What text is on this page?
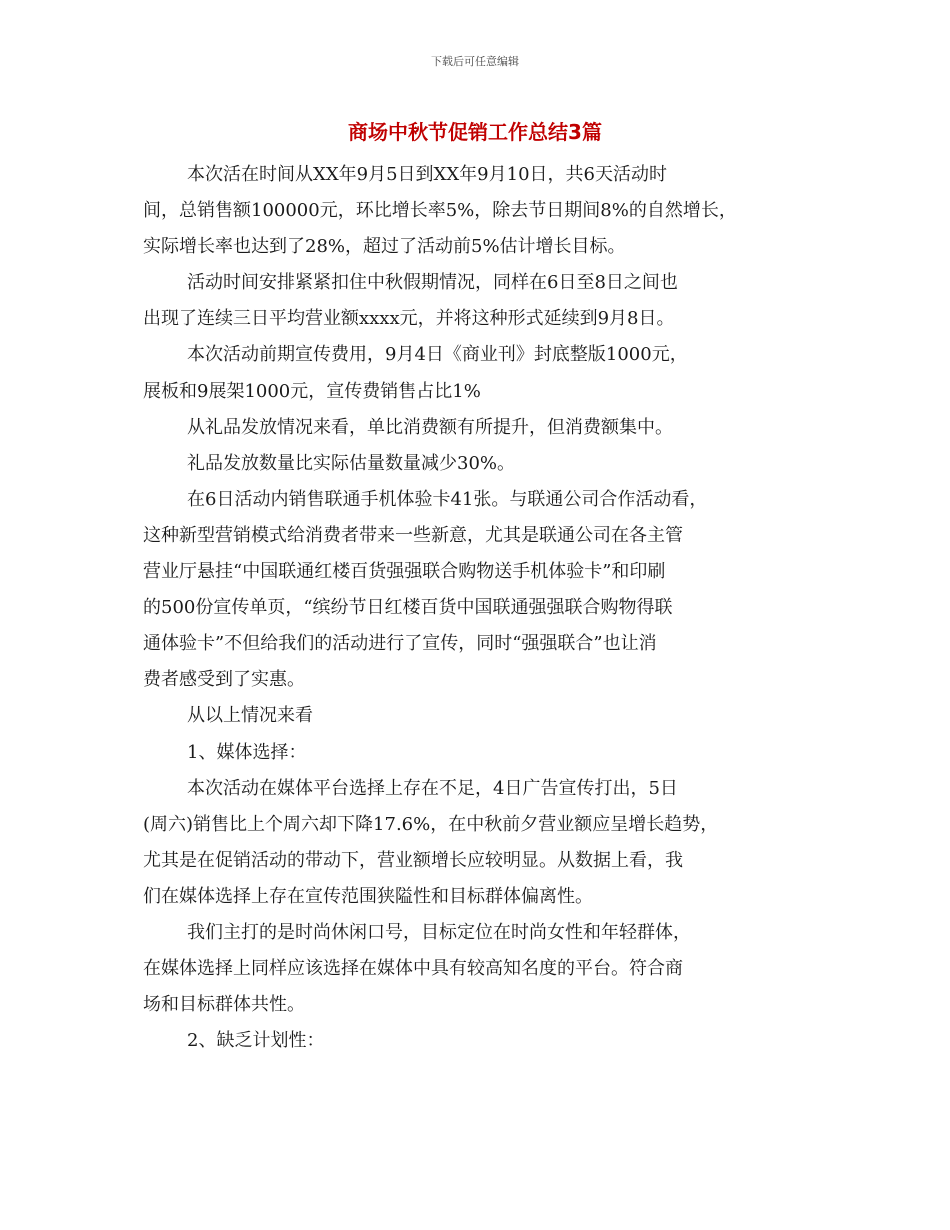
下载后可任意编辑
商场中秋节促销工作总结3篇
本次活在时间从XX年9月5日到XX年9月10日，共6天活动时
间，总销售额100000元，环比增长率5%，除去节日期间8%的自然增长，
实际增长率也达到了28%，超过了活动前5%估计增长目标。
活动时间安排紧紧扣住中秋假期情况，同样在6日至8日之间也
出现了连续三日平均营业额xxxx元，并将这种形式延续到9月8日。
本次活动前期宣传费用，9月4日《商业刊》封底整版1000元，
展板和9展架1000元，宣传费销售占比1%
从礼品发放情况来看，单比消费额有所提升，但消费额集中。
礼品发放数量比实际估量数量减少30%。
在6日活动内销售联通手机体验卡41张。与联通公司合作活动看，
这种新型营销模式给消费者带来一些新意，尤其是联通公司在各主管
营业厅悬挂“中国联通红楼百货强强联合购物送手机体验卡”和印刷
的500份宣传单页，“缤纷节日红楼百货中国联通强强联合购物得联
通体验卡”不但给我们的活动进行了宣传，同时“强强联合”也让消
费者感受到了实惠。
从以上情况来看
1、媒体选择：
本次活动在媒体平台选择上存在不足，4日广告宣传打出，5日
(周六)销售比上个周六却下降17.6%，在中秋前夕营业额应呈增长趋势，
尤其是在促销活动的带动下，营业额增长应较明显。从数据上看，我
们在媒体选择上存在宣传范围狭隘性和目标群体偏离性。
我们主打的是时尚休闲口号，目标定位在时尚女性和年轻群体，
在媒体选择上同样应该选择在媒体中具有较高知名度的平台。符合商
场和目标群体共性。
2、缺乏计划性：
